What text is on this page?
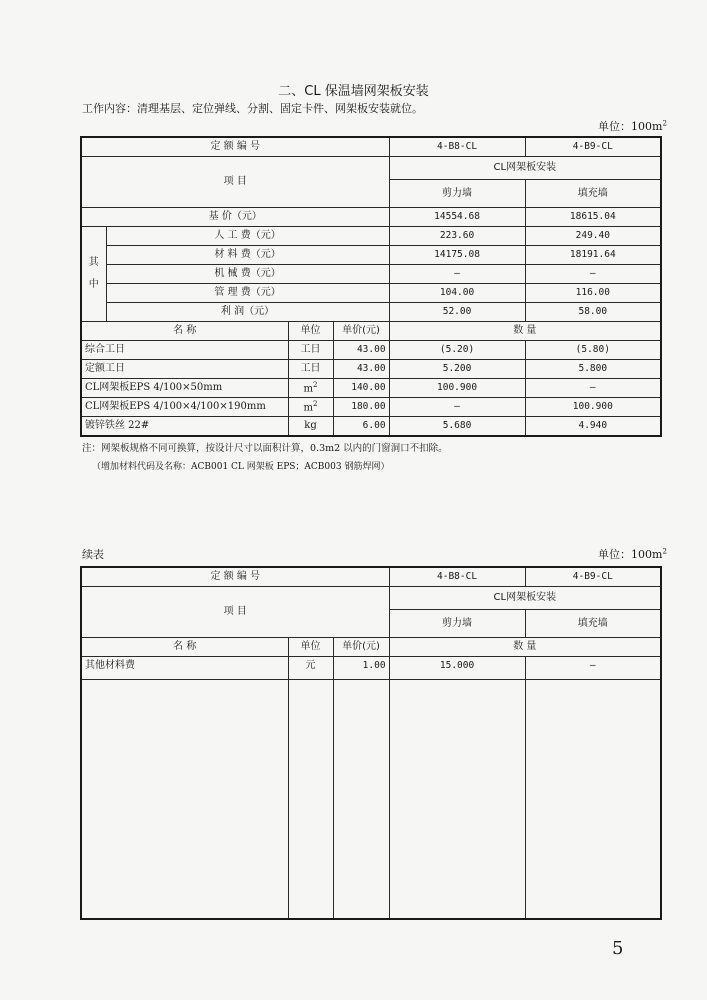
二、CL 保温墙网架板安装
工作内容：清理基层、定位弹线、分割、固定卡件、网架板安装就位。
单位：$100m^2$
定 额 编 号				4-B8-CL	4-B9-CL
项 目				CL网架板安装	
				剪力墙	填充墙
基 价（元）				14554.68	18615.04
其
中	人 工 费（元）			223.60	249.40
	材 料 费（元）			14175.08	18191.64
	机 械 费（元）			—	—
	管 理 费（元）			104.00	116.00
	利 润（元）			52.00	58.00
名 称		单位	单价(元)	数 量	
综合工日		工日	43.00	(5.20)	(5.80)
定额工日		工日	43.00	5.200	5.800
CL网架板EPS 4/100×50mm		$m^2$	140.00	100.900	—
CL网架板EPS 4/100×4/100×190mm		$m^2$	180.00	—	100.900
镀锌铁丝 22#		kg	6.00	5.680	4.940
注：网架板规格不同可换算，按设计尺寸以面积计算，0.3m2 以内的门窗洞口不扣除。
（增加材料代码及名称：ACB001 CL 网架板 EPS；ACB003 钢筋焊网）
续表	单位：$100m^2$
定 额 编 号			4-B8-CL	4-B9-CL
项 目			CL网架板安装	
			剪力墙	填充墙
名 称	单位	单价(元)	数 量	
其他材料费	元	1.00	15.000	—

5
